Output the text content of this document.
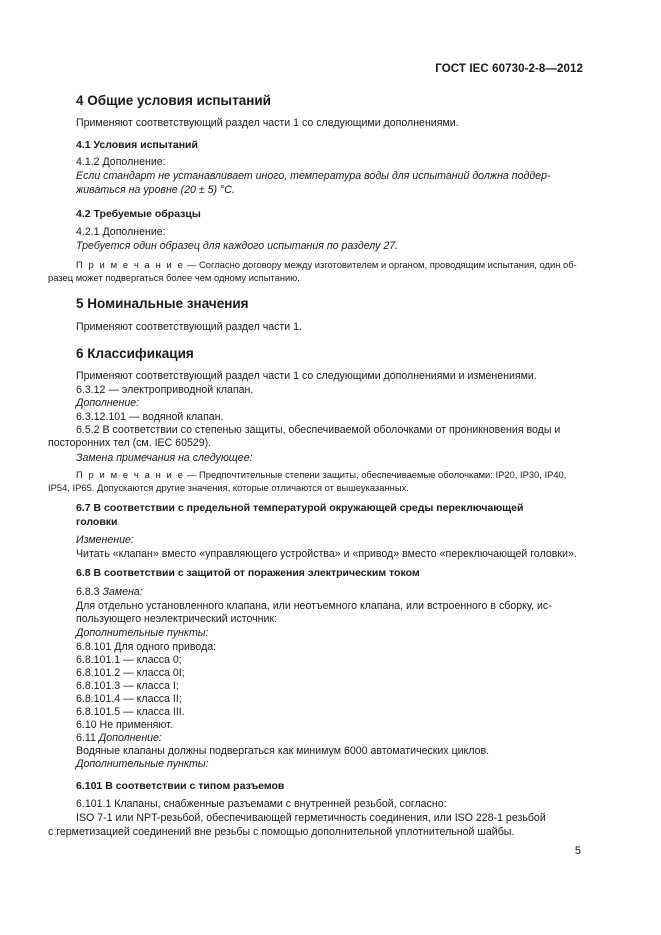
ГОСТ IEC 60730-2-8—2012
4 Общие условия испытаний
Применяют соответствующий раздел части 1 со следующими дополнениями.
4.1 Условия испытаний
4.1.2 Дополнение:
Если стандарт не устанавливает иного, температура воды для испытаний должна поддер-
живаться на уровне (20 ± 5) °С.
4.2 Требуемые образцы
4.2.1 Дополнение:
Требуется один образец для каждого испытания по разделу 27.
П р и м е ч а н и е — Согласно договору между изготовителем и органом, проводящим испытания, один об-
разец может подвергаться более чем одному испытанию.
5 Номинальные значения
Применяют соответствующий раздел части 1.
6 Классификация
Применяют соответствующий раздел части 1 со следующими дополнениями и изменениями.
6.3.12 — электроприводной клапан.
Дополнение:
6.3.12.101 — водяной клапан.
6.5.2 В соответствии со степенью защиты, обеспечиваемой оболочками от проникновения воды и
посторонних тел (см. IEC 60529).
Замена примечания на следующее:
П р и м е ч а н и е — Предпочтительные степени защиты, обеспечиваемые оболочками: IP20, IP30, IP40,
IP54, IP65. Допускаются другие значения, которые отличаются от вышеуказанных.
6.7 В соответствии с предельной температурой окружающей среды переключающей
головки
Изменение:
Читать «клапан» вместо «управляющего устройства» и «привод» вместо «переключающей головки».
6.8 В соответствии с защитой от поражения электрическим током
6.8.3 Замена:
Для отдельно установленного клапана, или неотъемного клапана, или встроенного в сборку, ис-
пользующего неэлектрический источник:
Дополнительные пункты:
6.8.101 Для одного привода:
6.8.101.1 — класса 0;
6.8.101.2 — класса 0I;
6.8.101.3 — класса I;
6.8.101.4 — класса II;
6.8.101.5 — класса III.
6.10 Не применяют.
6.11 Дополнение:
Водяные клапаны должны подвергаться как минимум 6000 автоматических циклов.
Дополнительные пункты:
6.101 В соответствии с типом разъемов
6.101.1 Клапаны, снабженные разъемами с внутренней резьбой, согласно:
ISO 7-1 или NPT-резьбой, обеспечивающей герметичность соединения, или ISO 228-1 резьбой
с герметизацией соединений вне резьбы с помощью дополнительной уплотнительной шайбы.
5
